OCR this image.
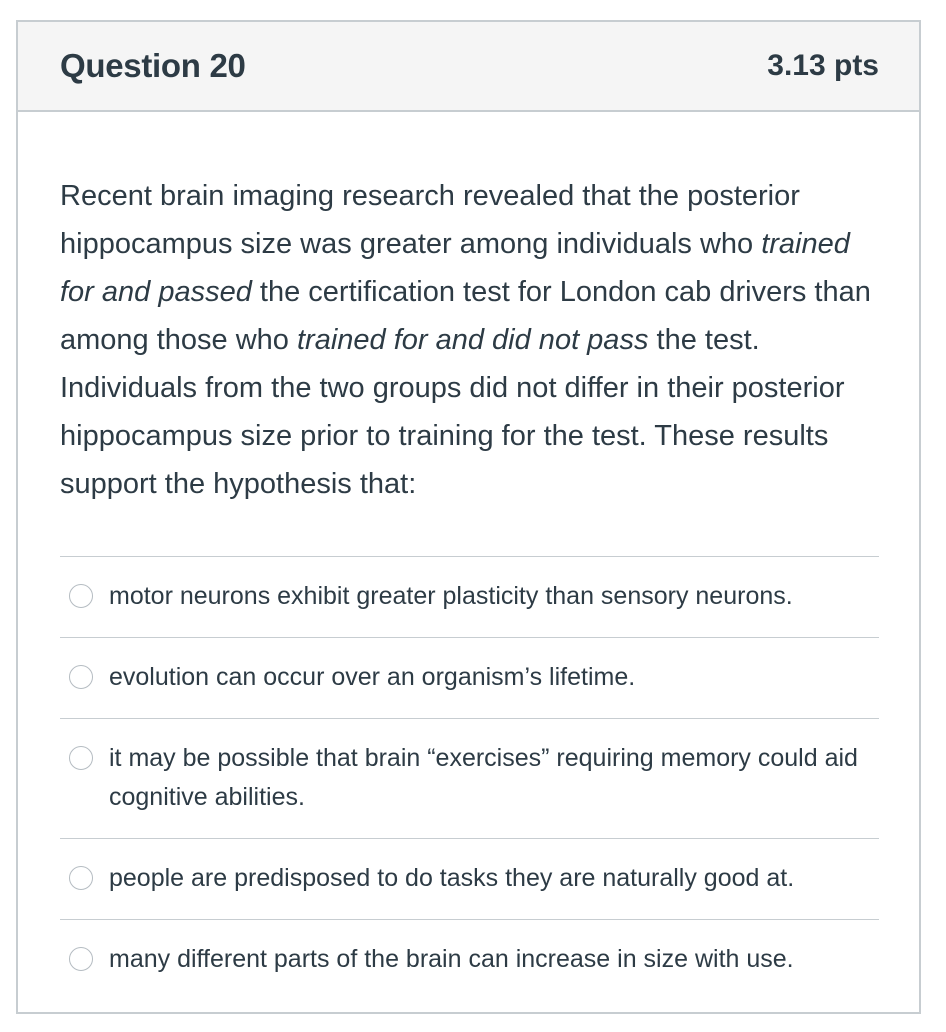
Question 20	3.13 pts

Recent brain imaging research revealed that the posterior hippocampus size was greater among individuals who trained for and passed the certification test for London cab drivers than among those who trained for and did not pass the test. Individuals from the two groups did not differ in their posterior hippocampus size prior to training for the test. These results support the hypothesis that:

motor neurons exhibit greater plasticity than sensory neurons.
evolution can occur over an organism’s lifetime.
it may be possible that brain “exercises” requiring memory could aid cognitive abilities.
people are predisposed to do tasks they are naturally good at.
many different parts of the brain can increase in size with use.
